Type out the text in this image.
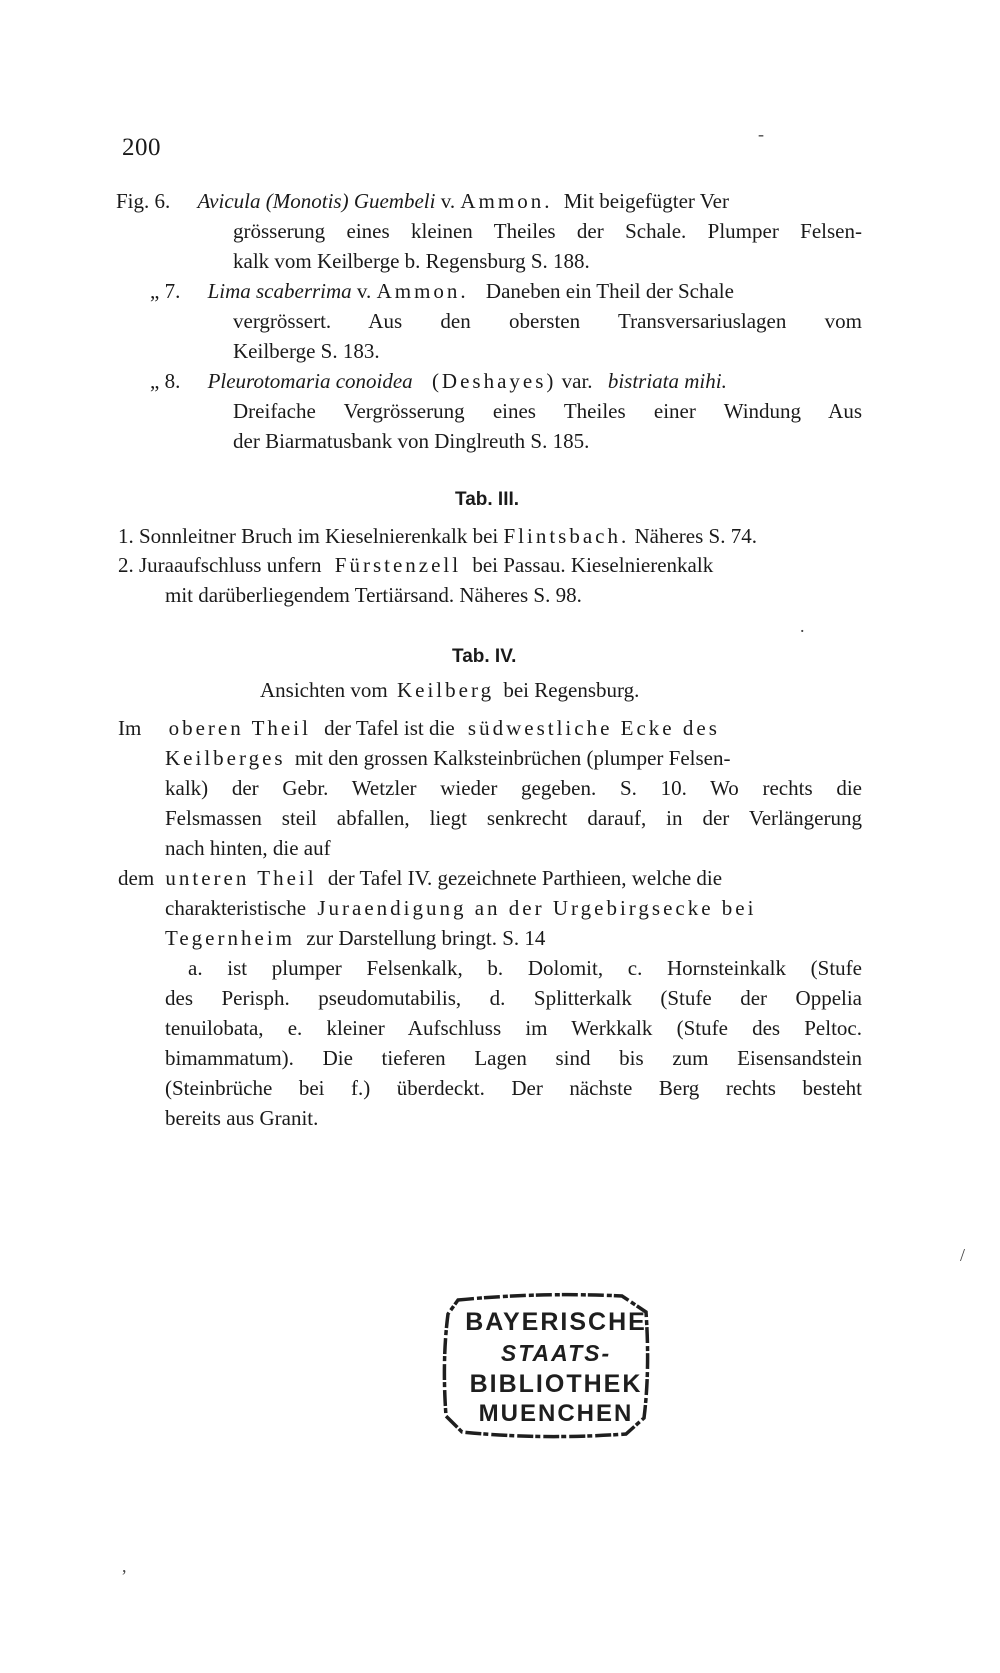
200
Fig. 6. Avicula (Monotis) Guembeli v. Ammon. Mit beigefügter Ver
grösserung eines kleinen Theiles der Schale. Plumper Felsen-
kalk vom Keilberge b. Regensburg S. 188.
„ 7. Lima scaberrima v. Ammon. Daneben ein Theil der Schale
vergrössert. Aus den obersten Transversariuslagen vom
Keilberge S. 183.
„ 8. Pleurotomaria conoidea (Deshayes) var. bistriata mihi.
Dreifache Vergrösserung eines Theiles einer Windung Aus
der Biarmatusbank von Dinglreuth S. 185.
Tab. III.
1. Sonnleitner Bruch im Kieselnierenkalk bei Flintsbach. Näheres S. 74.
2. Juraaufschluss unfern Fürstenzell bei Passau. Kieselnierenkalk
mit darüberliegendem Tertiärsand. Näheres S. 98.
Tab. IV.
Ansichten vom Keilberg bei Regensburg.
Im oberen Theil der Tafel ist die südwestliche Ecke des
Keilberges mit den grossen Kalksteinbrüchen (plumper Felsen-
kalk) der Gebr. Wetzler wieder gegeben. S. 10. Wo rechts die
Felsmassen steil abfallen, liegt senkrecht darauf, in der Verlängerung
nach hinten, die auf
dem unteren Theil der Tafel IV. gezeichnete Parthieen, welche die
charakteristische Juraendigung an der Urgebirgsecke bei
Tegernheim zur Darstellung bringt. S. 14
a. ist plumper Felsenkalk, b. Dolomit, c. Hornsteinkalk (Stufe
des Perisph. pseudomutabilis, d. Splitterkalk (Stufe der Oppelia
tenuilobata, e. kleiner Aufschluss im Werkkalk (Stufe des Peltoc.
bimammatum). Die tieferen Lagen sind bis zum Eisensandstein
(Steinbrüche bei f.) überdeckt. Der nächste Berg rechts besteht
bereits aus Granit.
BAYERISCHE
STAATS-
BIBLIOTHEK
MUENCHEN
-
.
/
,
